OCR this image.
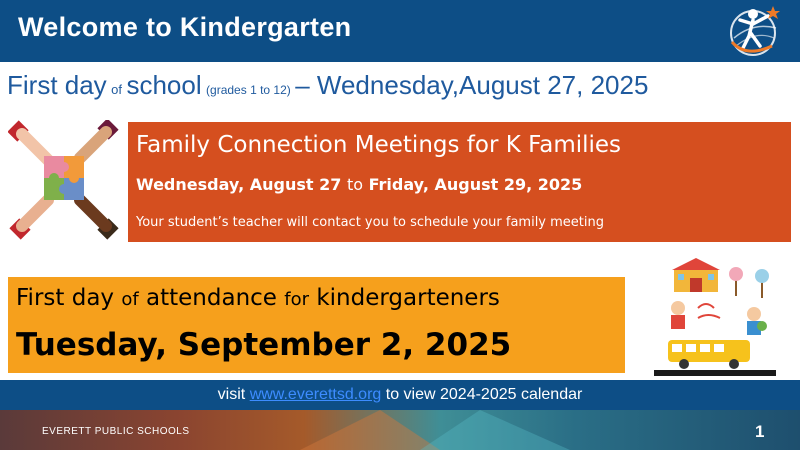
Welcome to Kindergarten
First day of school (grades 1 to 12) – Wednesday,August 27, 2025
Family Connection Meetings for K Families
Wednesday, August 27 to Friday, August 29, 2025
Your student’s teacher will contact you to schedule your family meeting
First day of attendance for kindergarteners
Tuesday, September 2, 2025
visit www.everettsd.org to view 2024-2025 calendar
EVERETT PUBLIC SCHOOLS	1
